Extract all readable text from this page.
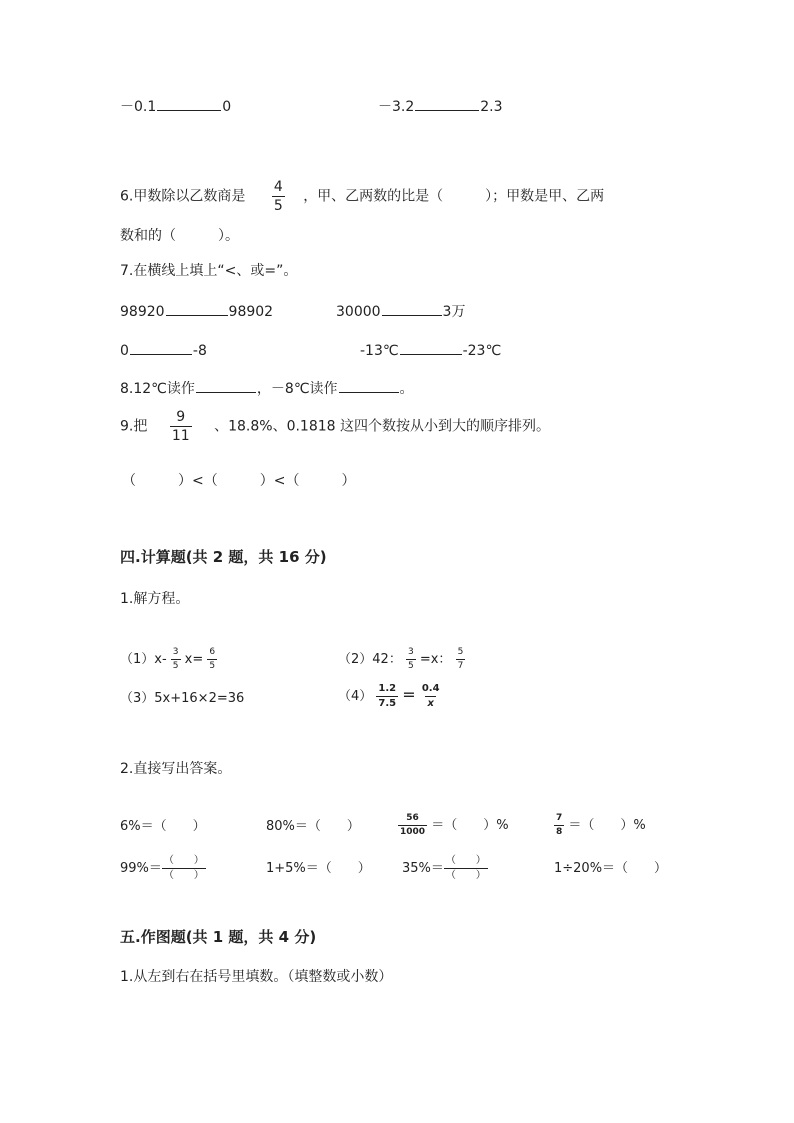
－0.1	0	－3.2	2.3
6.甲数除以乙数商是 $\frac{4}{5}$ ，甲、乙两数的比是（　　　）；甲数是甲、乙两
数和的（　　　）。
7.在横线上填上“<、或=”。
98920	98902	30000	3万
0	-8	-13℃	-23℃
8.12℃读作	，－8℃读作	。
9.把 $\frac{9}{11}$ 、18.8%、0.1818 这四个数按从小到大的顺序排列。
（　　　）<（　　　）<（　　　）
四.计算题(共 2 题，共 16 分)
1.解方程。
$(1)x- \frac{3}{5} x= \frac{6}{5}$	（2）42： $\frac{3}{5} =x$： $\frac{5}{7}$
（3）5x+16×2=36	$(4) \frac{1.2}{7.5} = \frac{0.4}{x}$
2.直接写出答案。
6%＝（　　）	80%＝（　　）	$\frac{56}{1000}$ ＝（　　）%	$\frac{7}{8}$ ＝（　　）%
$99\%= \frac{( )}{( )}$	1+5%＝（　　） $35\%= \frac{( )}{( )}$	1÷20%＝（　　）
五.作图题(共 1 题，共 4 分)
1.从左到右在括号里填数。（填整数或小数）
